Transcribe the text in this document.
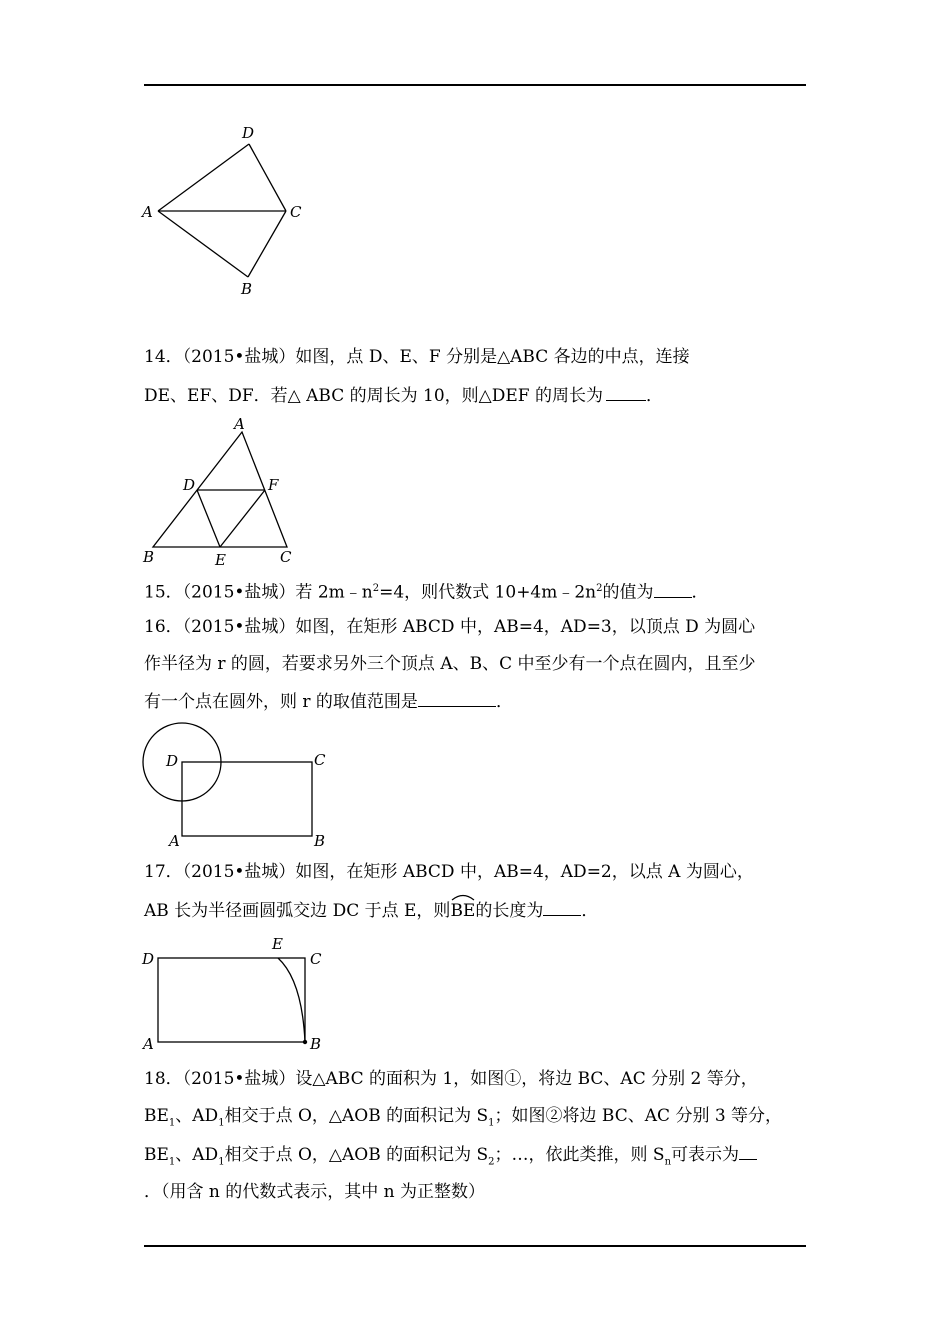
A
D
C
B
14．（2015•盐城）如图，点 D、E、F 分别是△ABC 各边的中点，连接
DE、EF、DF．若△ ABC 的周长为 10，则△DEF 的周长为	．
A
D	F
B	E	C
15．（2015•盐城）若 $2m﹣n^2=4$，则代数式 $10+4m﹣2n^2$的值为 ．
16．（2015•盐城）如图，在矩形 ABCD 中，AB=4，AD=3，以顶点 D 为圆心
作半径为 r 的圆，若要求另外三个顶点 A、B、C 中至少有一个点在圆内，且至少
有一个点在圆外，则 r 的取值范围是	．
D	C
A	B
17．（2015•盐城）如图，在矩形 ABCD 中，AB=4，AD=2，以点 A 为圆心，
AB 长为半径画圆弧交边 DC 于点 E，则
BE的长度为 ．
D
E
C
A	B
18．（2015•盐城）设△ABC 的面积为 1，如图①，将边 BC、AC 分别 2 等分，
$BE_1$、$AD_1$相交于点 O，△AOB 的面积记为 $S_1$；如图②将边 BC、AC 分别 3 等分，
$BE_1$、$AD_1$相交于点 O，△AOB 的面积记为 $S_2$；…，依此类推，则 $S_n$可表示为
．（用含 n 的代数式表示，其中 n 为正整数）
